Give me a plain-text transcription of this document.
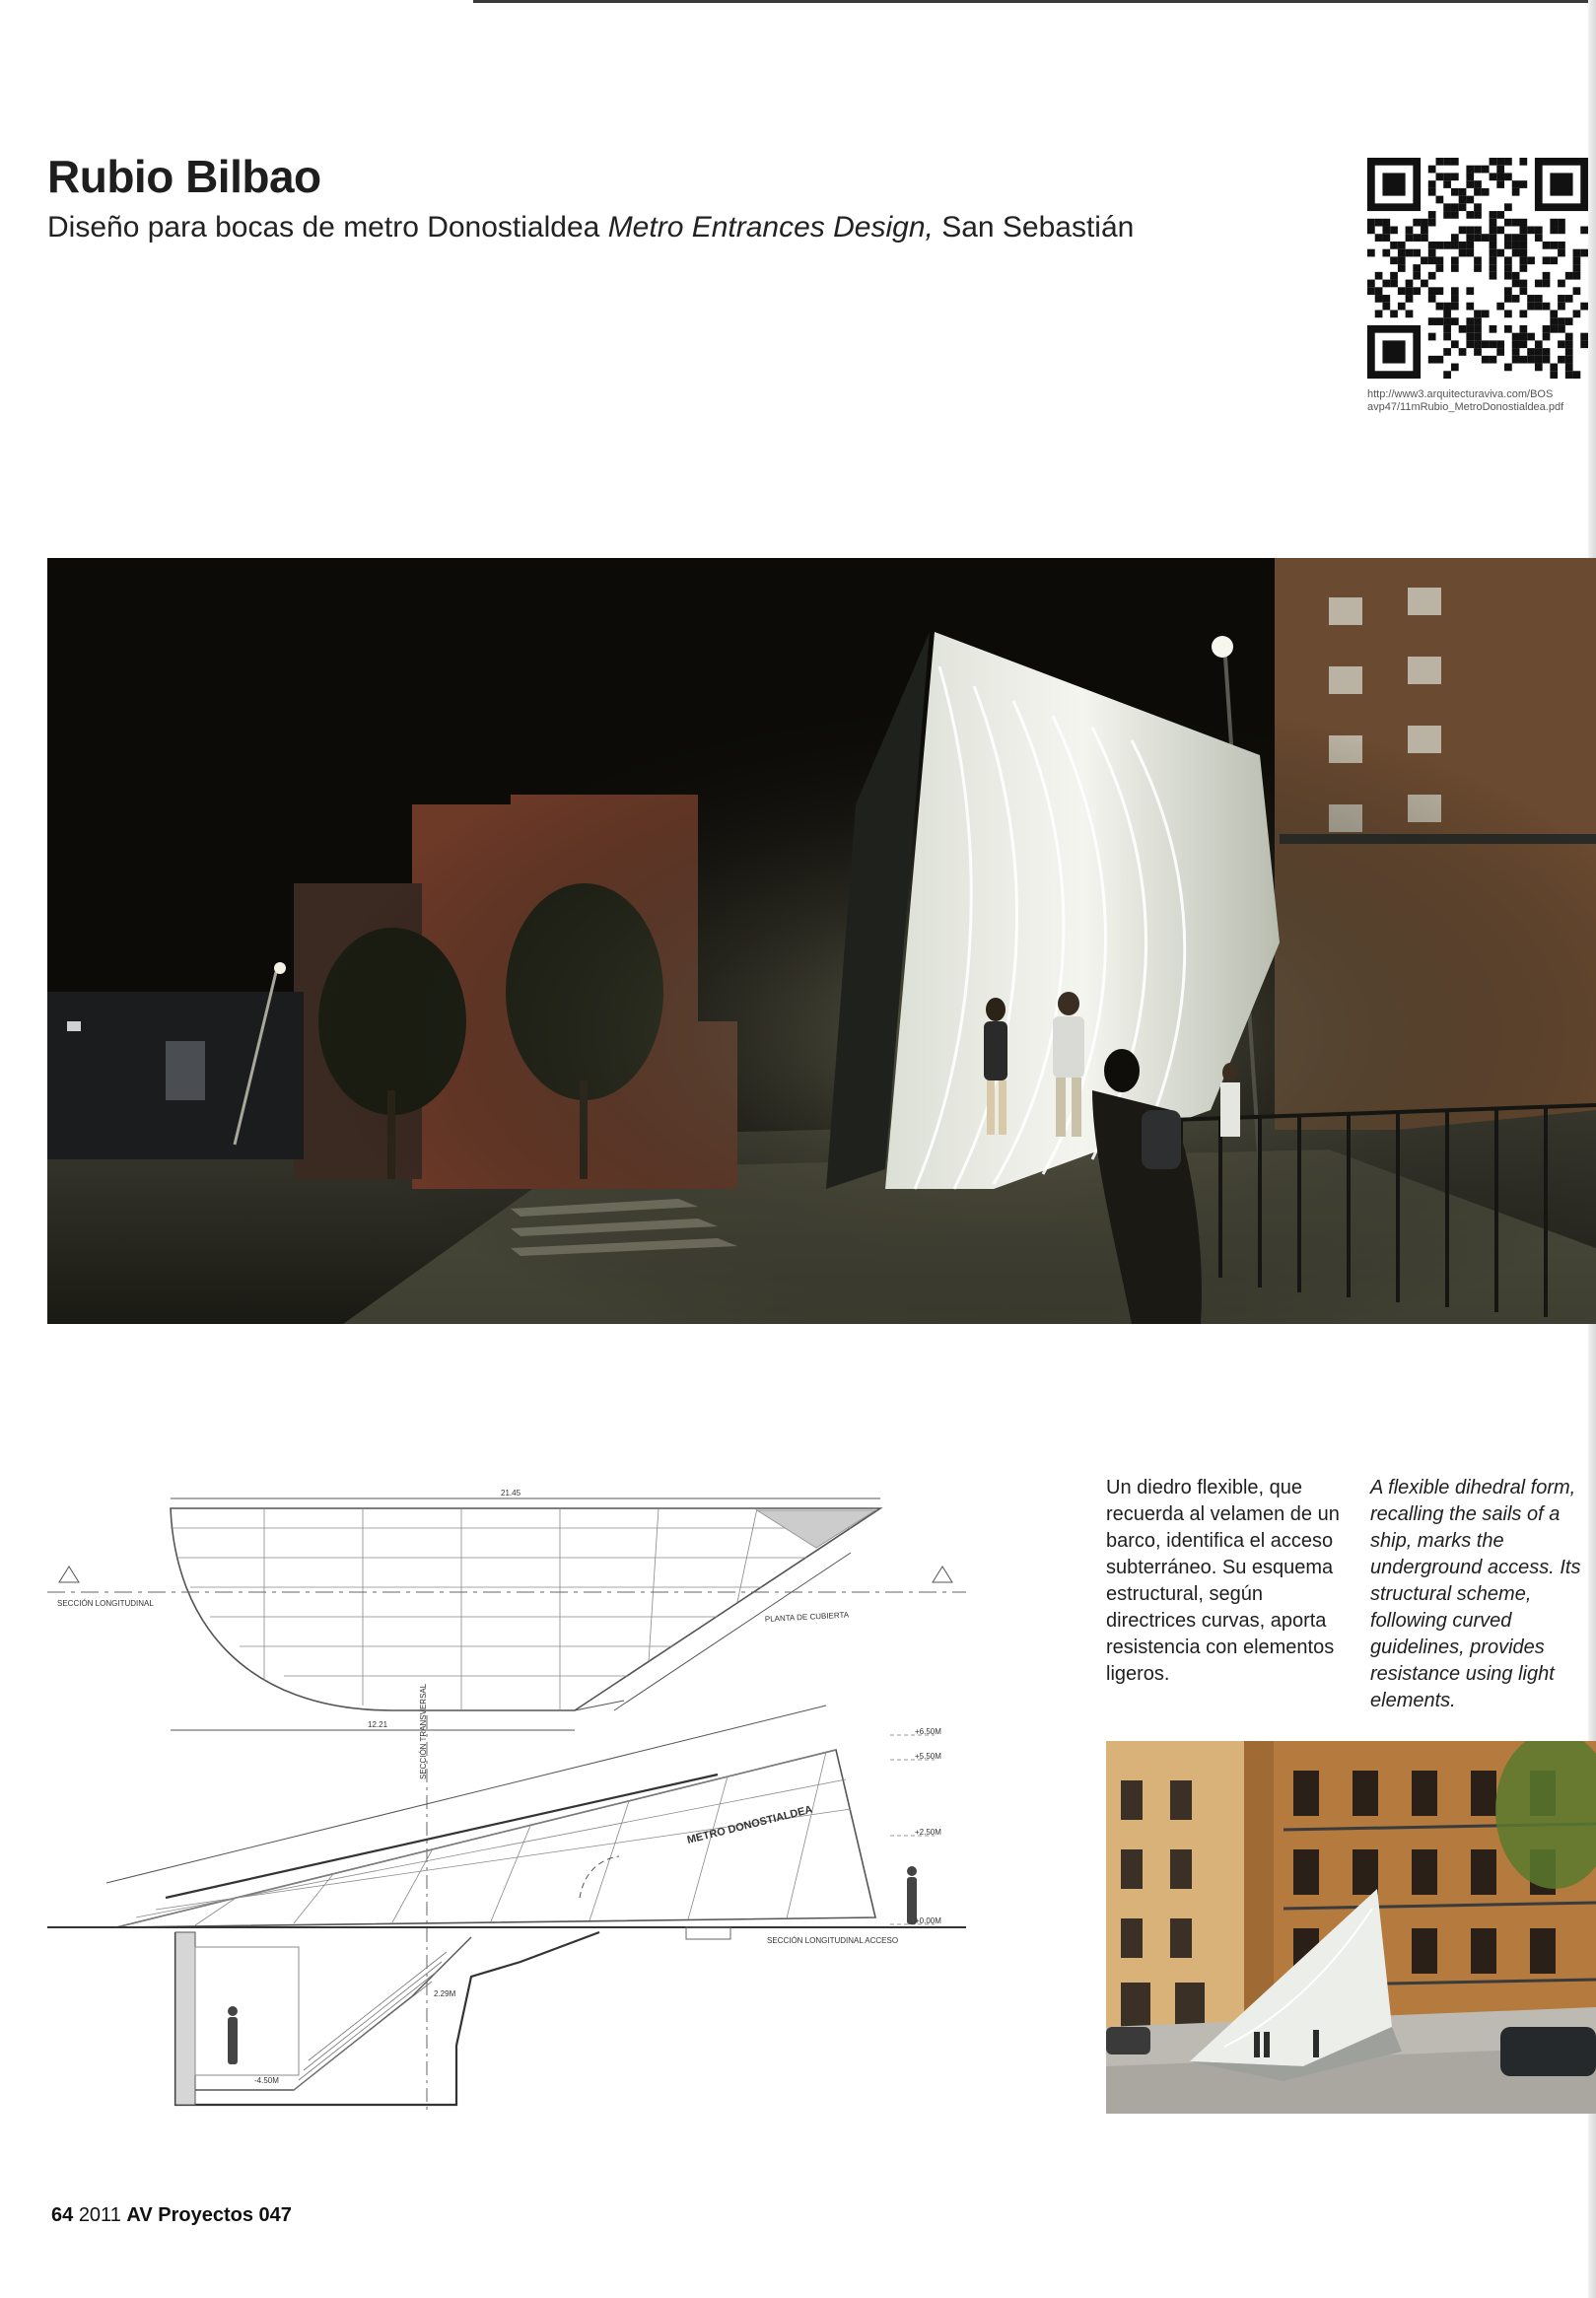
Rubio Bilbao
Diseño para bocas de metro Donostialdea Metro Entrances Design, San Sebastián
http://www3.arquitecturaviva.com/BOS
avp47/11mRubio_MetroDonostialdea.pdf
SECCIÓN LONGITUDINAL
PLANTA DE CUBIERTA
SECCIÓN LONGITUDINAL ACCESO
SECCIÓN TRANSVERSAL	+6.50M
+5.50M
+2.50M
+0.00M
2.29M
-4.50M
21.45
12.21
METRO DONOSTIALDEA
Un diedro flexible, que recuerda al velamen de un barco, identifica el acceso subterráneo. Su esquema estructural, según directrices curvas, aporta resistencia con elementos ligeros.
A flexible dihedral form, recalling the sails of a ship, marks the underground access. Its structural scheme, following curved guidelines, provides resistance using light elements.
64 2011 AV Proyectos 047
